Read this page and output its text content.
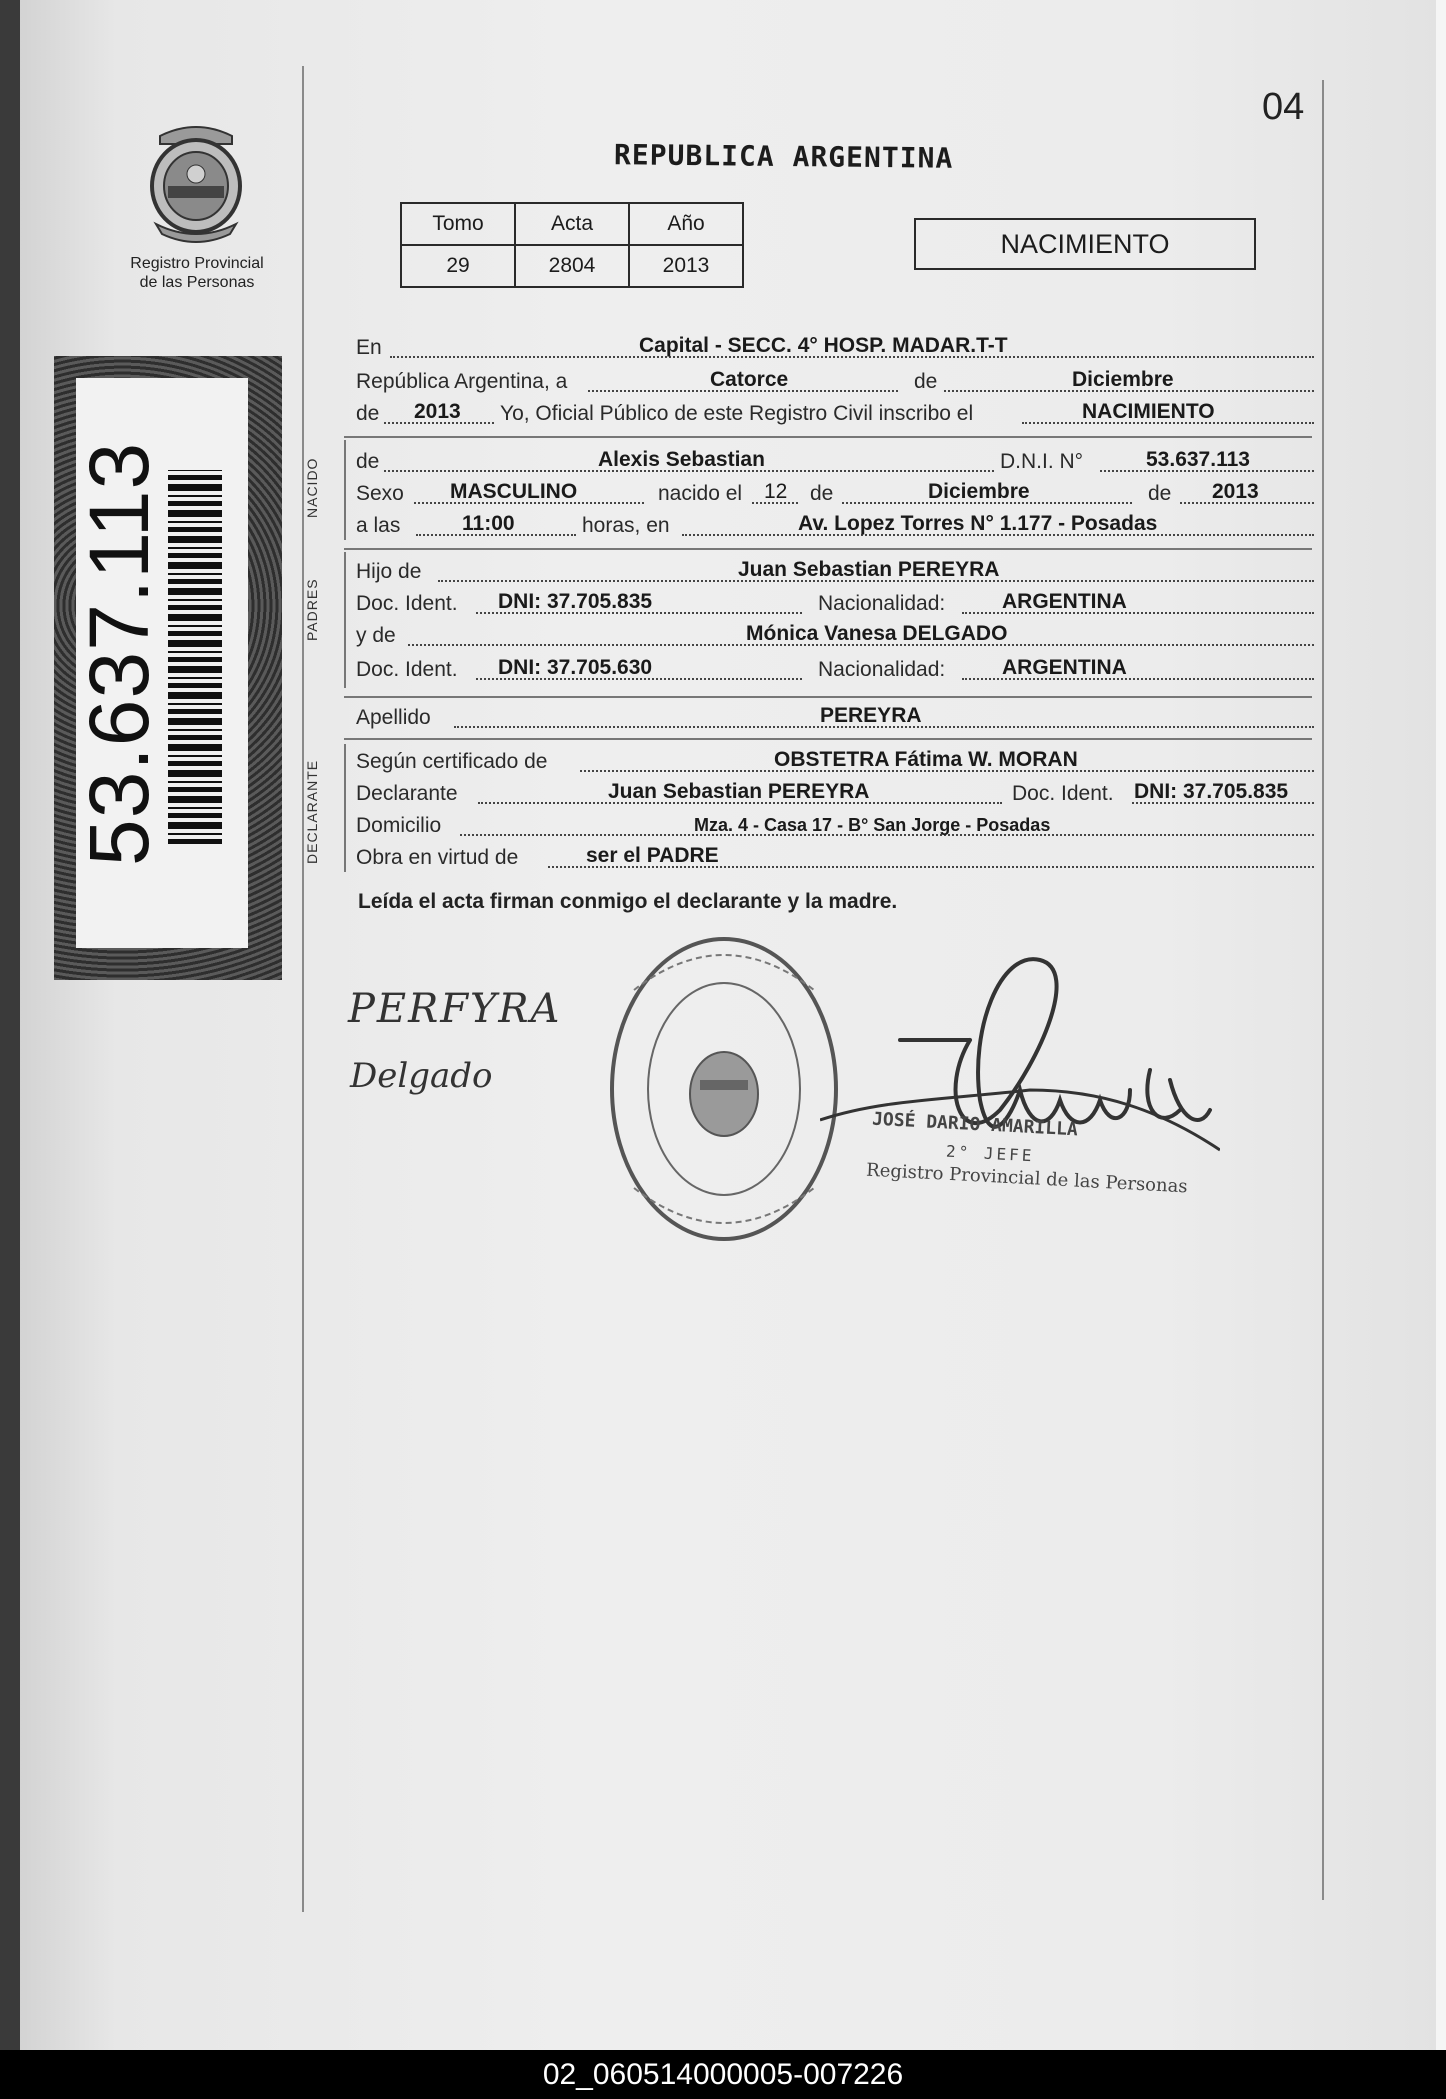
04
Registro Provincial
de las Personas
53.637.113
REPUBLICA ARGENTINA
Tomo	Acta	Año
29	2804	2013
NACIMIENTO
NACIDO
PADRES
DECLARANTE
En	Capital - SECC. 4° HOSP. MADAR.T-T
República Argentina, a	Catorce	de	Diciembre
de 2013 Yo, Oficial Público de este Registro Civil inscribo el	NACIMIENTO
de	Alexis Sebastian	D.N.I. N°	53.637.113
Sexo MASCULINO	nacido el 12 de	Diciembre	de 2013
a las	11:00	horas, en	Av. Lopez Torres N° 1.177 - Posadas
Hijo de	Juan Sebastian PEREYRA
Doc. Ident. DNI: 37.705.835	Nacionalidad:	ARGENTINA
y de	Mónica Vanesa DELGADO
Doc. Ident. DNI: 37.705.630	Nacionalidad:	ARGENTINA
Apellido	PEREYRA
Según certificado de	OBSTETRA Fátima W. MORAN
Declarante	Juan Sebastian PEREYRA	Doc. Ident. DNI: 37.705.835
Domicilio	Mza. 4 - Casa 17 - B° San Jorge - Posadas
Obra en virtud de	ser el PADRE
Leída el acta firman conmigo el declarante y la madre.
PERFYRA
Delgado
JOSÉ DARIO AMARILLA
2° JEFE
Registro Provincial de las Personas
02_060514000005-007226
